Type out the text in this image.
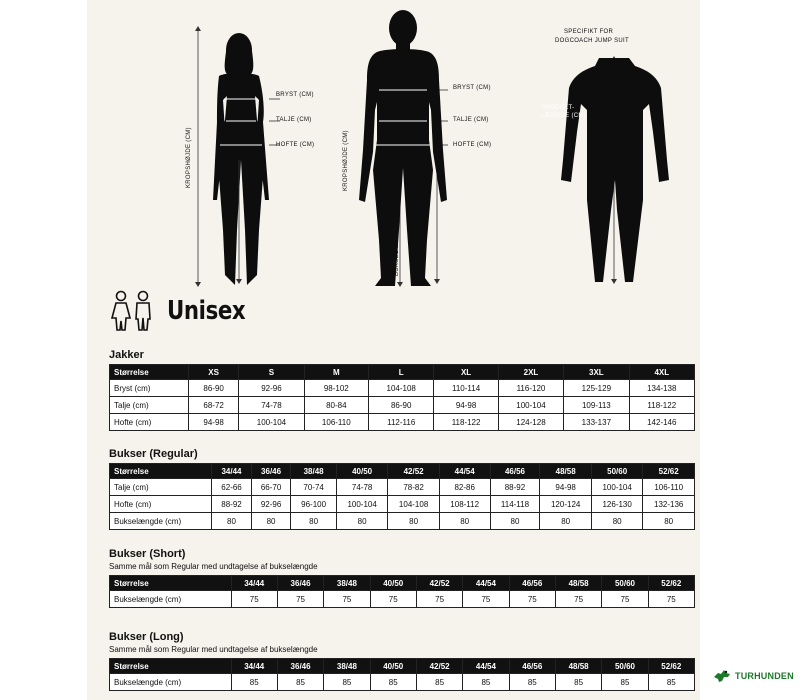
BRYST (CM)
TALJE (CM)
HOFTE (CM)
KROPSHØJDE (CM)
BUKSELÆNGDE (CM)
BRYST (CM)
TALJE (CM)
HOFTE (CM)
KROPSHØJDE (CM)
BUKSELÆNGDE (CM)
SPECIFIKT FOR
DOGCOACH JUMP SUIT
PRODUKT-
LÆNGDE (CM)
Unisex
Jakker
Størrelse	XS	S	M	L	XL	2XL	3XL	4XL
Bryst (cm)	86-90	92-96	98-102	104-108	110-114	116-120	125-129	134-138
Talje (cm)	68-72	74-78	80-84	86-90	94-98	100-104	109-113	118-122
Hofte (cm)	94-98	100-104	106-110	112-116	118-122	124-128	133-137	142-146
Bukser (Regular)
Størrelse	34/44	36/46	38/48	40/50	42/52	44/54	46/56	48/58	50/60	52/62
Talje (cm)	62-66	66-70	70-74	74-78	78-82	82-86	88-92	94-98	100-104	106-110
Hofte (cm)	88-92	92-96	96-100	100-104	104-108	108-112	114-118	120-124	126-130	132-136
Bukselængde (cm)	80	80	80	80	80	80	80	80	80	80
Bukser (Short)
Samme mål som Regular med undtagelse af bukselængde
Størrelse	34/44	36/46	38/48	40/50	42/52	44/54	46/56	48/58	50/60	52/62
Bukselængde (cm)	75	75	75	75	75	75	75	75	75	75
Bukser (Long)
Samme mål som Regular med undtagelse af bukselængde
Størrelse	34/44	36/46	38/48	40/50	42/52	44/54	46/56	48/58	50/60	52/62
Bukselængde (cm)	85	85	85	85	85	85	85	85	85	85
TURHUNDEN
